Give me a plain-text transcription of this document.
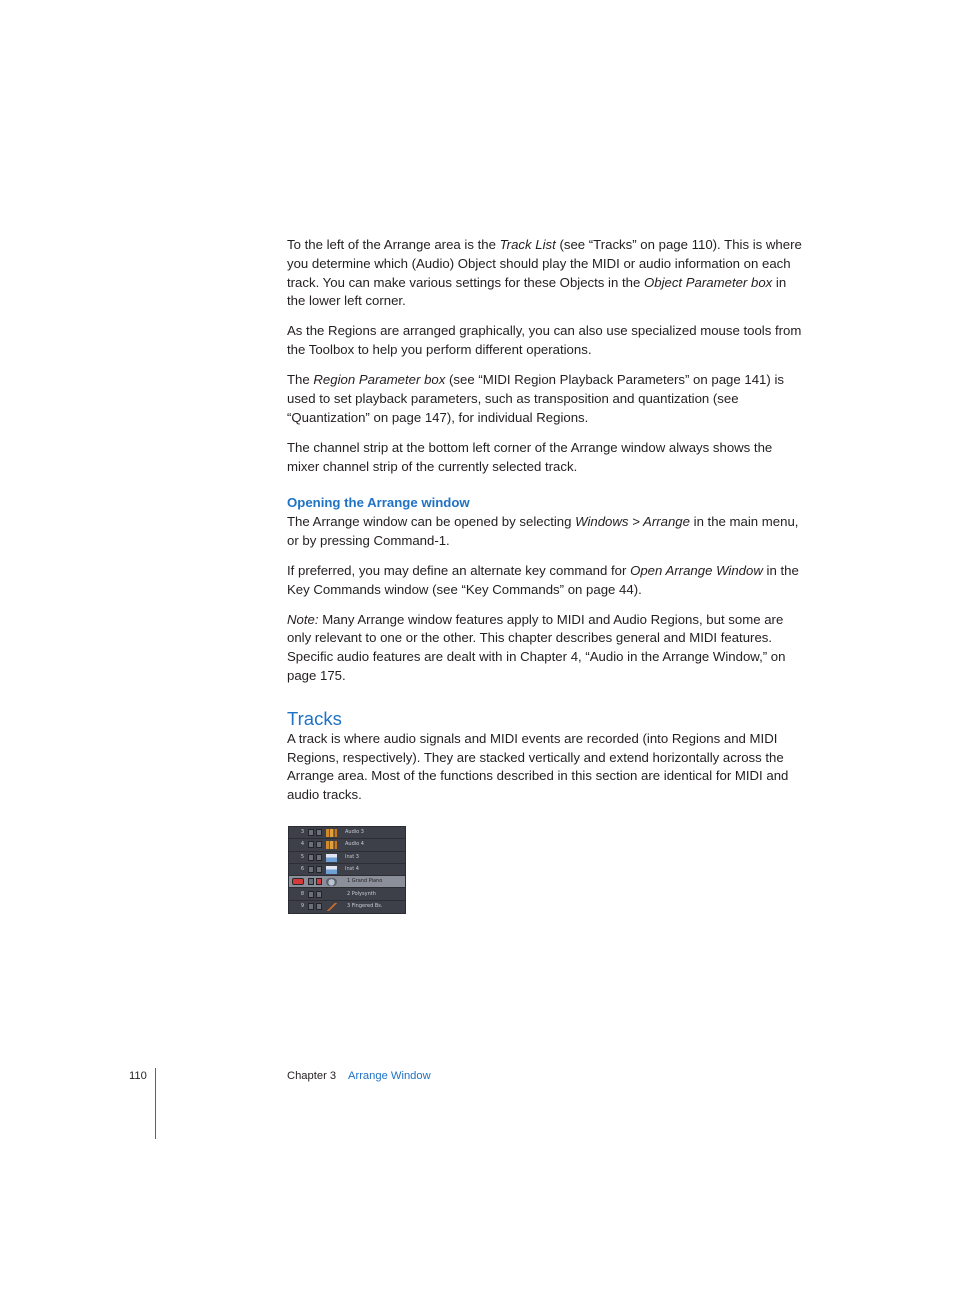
To the left of the Arrange area is the Track List (see “Tracks” on page 110). This is where you determine which (Audio) Object should play the MIDI or audio information on each track. You can make various settings for these Objects in the Object Parameter box in the lower left corner.

As the Regions are arranged graphically, you can also use specialized mouse tools from the Toolbox to help you perform different operations.

The Region Parameter box (see “MIDI Region Playback Parameters” on page 141) is used to set playback parameters, such as transposition and quantization (see “Quantization” on page 147), for individual Regions.

The channel strip at the bottom left corner of the Arrange window always shows the mixer channel strip of the currently selected track.

Opening the Arrange window

The Arrange window can be opened by selecting Windows > Arrange in the main menu, or by pressing Command-1.

If preferred, you may define an alternate key command for Open Arrange Window in the Key Commands window (see “Key Commands” on page 44).

Note: Many Arrange window features apply to MIDI and Audio Regions, but some are only relevant to one or the other. This chapter describes general and MIDI features. Specific audio features are dealt with in Chapter 4, “Audio in the Arrange Window,” on page 175.

Tracks

A track is where audio signals and MIDI events are recorded (into Regions and MIDI Regions, respectively). They are stacked vertically and extend horizontally across the Arrange area. Most of the functions described in this section are identical for MIDI and audio tracks.

3	Audio 3
4	Audio 4
5	Inst 3
6	Inst 4
1 Grand Piano
8	2 Polysynth
9	3 Fingered Bs.
110	Chapter 3 Arrange Window
